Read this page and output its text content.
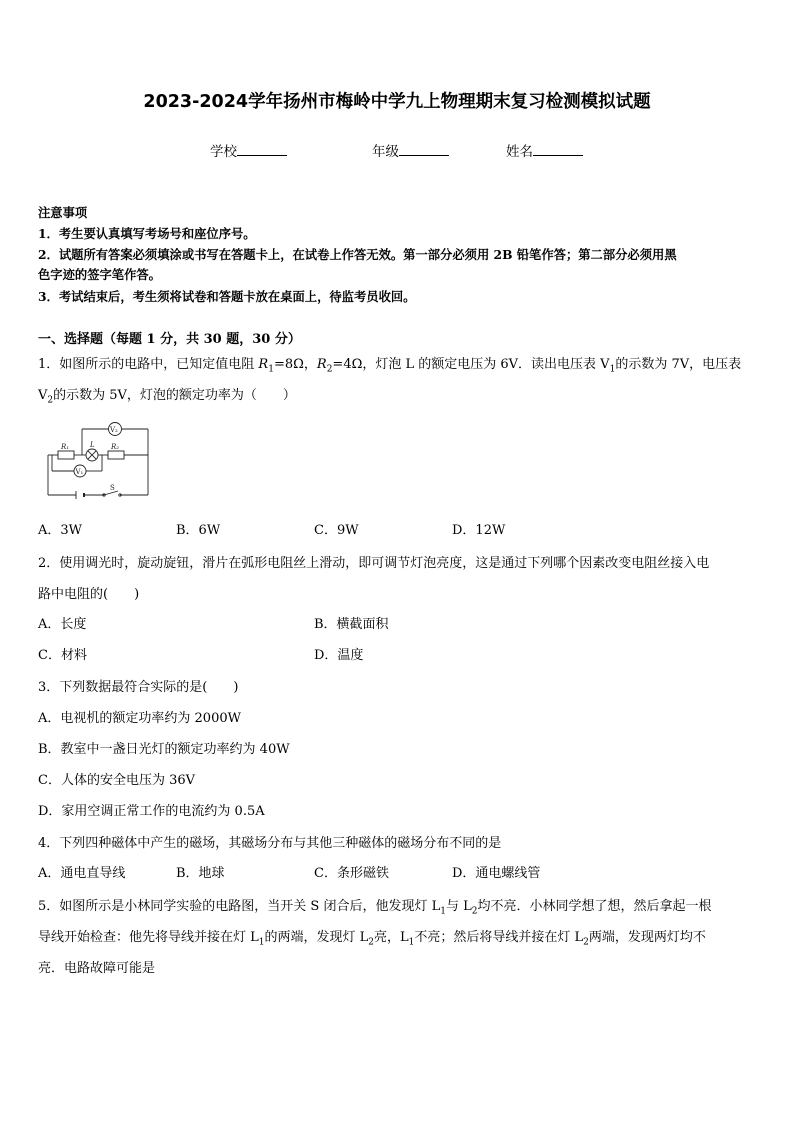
2023-2024学年扬州市梅岭中学九上物理期末复习检测模拟试题
学校	年级	姓名
注意事项
1．考生要认真填写考场号和座位序号。
2．试题所有答案必须填涂或书写在答题卡上，在试卷上作答无效。第一部分必须用 2B 铅笔作答；第二部分必须用黑
色字迹的签字笔作答。
3．考试结束后，考生须将试卷和答题卡放在桌面上，待监考员收回。
一、选择题（每题 1 分，共 30 题，30 分）
1．如图所示的电路中，已知定值电阻 $R_1=8\Omega$，$R_2=4\Omega$，灯泡 L 的额定电压为 6V．读出电压表 $V_1$的示数为 7V，电压表
$V_2$的示数为 5V，灯泡的额定功率为（　　）
R₁	L R₂
V₂
V₁
S
A．3W	B．6W	C．9W	D．12W
2．使用调光时，旋动旋钮，滑片在弧形电阻丝上滑动，即可调节灯泡亮度，这是通过下列哪个因素改变电阻丝接入电
路中电阻的(　　)
A．长度	B．横截面积
C．材料	D．温度
3．下列数据最符合实际的是(　　)
A．电视机的额定功率约为 2000W
B．教室中一盏日光灯的额定功率约为 40W
C．人体的安全电压为 36V
D．家用空调正常工作的电流约为 0.5A
4．下列四种磁体中产生的磁场，其磁场分布与其他三种磁体的磁场分布不同的是
A．通电直导线	B．地球	C．条形磁铁	D．通电螺线管
5．如图所示是小林同学实验的电路图，当开关 S 闭合后，他发现灯 $L_1$与 $L_2$均不亮．小林同学想了想，然后拿起一根
导线开始检查：他先将导线并接在灯 $L_1$的两端，发现灯 $L_2$亮，$L_1$不亮；然后将导线并接在灯 $L_2$两端，发现两灯均不
亮．电路故障可能是
